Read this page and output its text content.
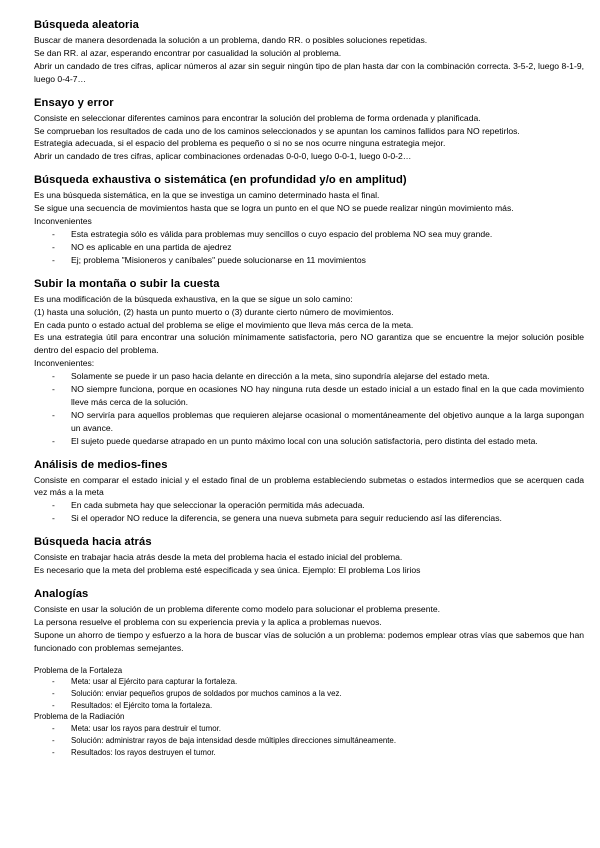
Búsqueda aleatoria

Buscar de manera desordenada la solución a un problema, dando RR. o posibles soluciones repetidas.

Se dan RR. al azar, esperando encontrar por casualidad la solución al problema.

Abrir un candado de tres cifras, aplicar números al azar sin seguir ningún tipo de plan hasta dar con la combinación correcta. 3-5-2, luego 8-1-9, luego 0-4-7…

Ensayo y error

Consiste en seleccionar diferentes caminos para encontrar la solución del problema de forma ordenada y planificada.

Se comprueban los resultados de cada uno de los caminos seleccionados y se apuntan los caminos fallidos para NO repetirlos.

Estrategia adecuada, si el espacio del problema es pequeño o si no se nos ocurre ninguna estrategia mejor.

Abrir un candado de tres cifras, aplicar combinaciones ordenadas 0-0-0, luego 0-0-1, luego 0-0-2…

Búsqueda exhaustiva o sistemática (en profundidad y/o en amplitud)

Es una búsqueda sistemática, en la que se investiga un camino determinado hasta el final.

Se sigue una secuencia de movimientos hasta que se logra un punto en el que NO se puede realizar ningún movimiento más.

Inconvenientes

- Esta estrategia sólo es válida para problemas muy sencillos o cuyo espacio del problema NO sea muy grande.
- NO es aplicable en una partida de ajedrez
- Ej; problema "Misioneros y caníbales" puede solucionarse en 11 movimientos
Subir la montaña o subir la cuesta

Es una modificación de la búsqueda exhaustiva, en la que se sigue un solo camino:

(1) hasta una solución, (2) hasta un punto muerto o (3) durante cierto número de movimientos.

En cada punto o estado actual del problema se elige el movimiento que lleva más cerca de la meta.

Es una estrategia útil para encontrar una solución mínimamente satisfactoria, pero NO garantiza que se encuentre la mejor solución posible dentro del espacio del problema.

Inconvenientes:

- Solamente se puede ir un paso hacia delante en dirección a la meta, sino supondría alejarse del estado meta.
- NO siempre funciona, porque en ocasiones NO hay ninguna ruta desde un estado inicial a un estado final en la que cada movimiento lleve más cerca de la solución.
- NO serviría para aquellos problemas que requieren alejarse ocasional o momentáneamente del objetivo aunque a la larga supongan un avance.
- El sujeto puede quedarse atrapado en un punto máximo local con una solución satisfactoria, pero distinta del estado meta.
Análisis de medios-fines

Consiste en comparar el estado inicial y el estado final de un problema estableciendo submetas o estados intermedios que se acerquen cada vez más a la meta

- En cada submeta hay que seleccionar la operación permitida más adecuada.
- Si el operador NO reduce la diferencia, se genera una nueva submeta para seguir reduciendo así las diferencias.
Búsqueda hacia atrás

Consiste en trabajar hacia atrás desde la meta del problema hacia el estado inicial del problema.

Es necesario que la meta del problema esté especificada y sea única. Ejemplo: El problema Los lirios

Analogías

Consiste en usar la solución de un problema diferente como modelo para solucionar el problema presente.

La persona resuelve el problema con su experiencia previa y la aplica a problemas nuevos.

Supone un ahorro de tiempo y esfuerzo a la hora de buscar vías de solución a un problema: podemos emplear otras vías que sabemos que han funcionado con problemas semejantes.

Problema de la Fortaleza

- Meta: usar al Ejército para capturar la fortaleza.
- Solución: enviar pequeños grupos de soldados por muchos caminos a la vez.
- Resultados: el Ejército toma la fortaleza.

Problema de la Radiación

- Meta: usar los rayos para destruir el tumor.
- Solución: administrar rayos de baja intensidad desde múltiples direcciones simultáneamente.
- Resultados: los rayos destruyen el tumor.
